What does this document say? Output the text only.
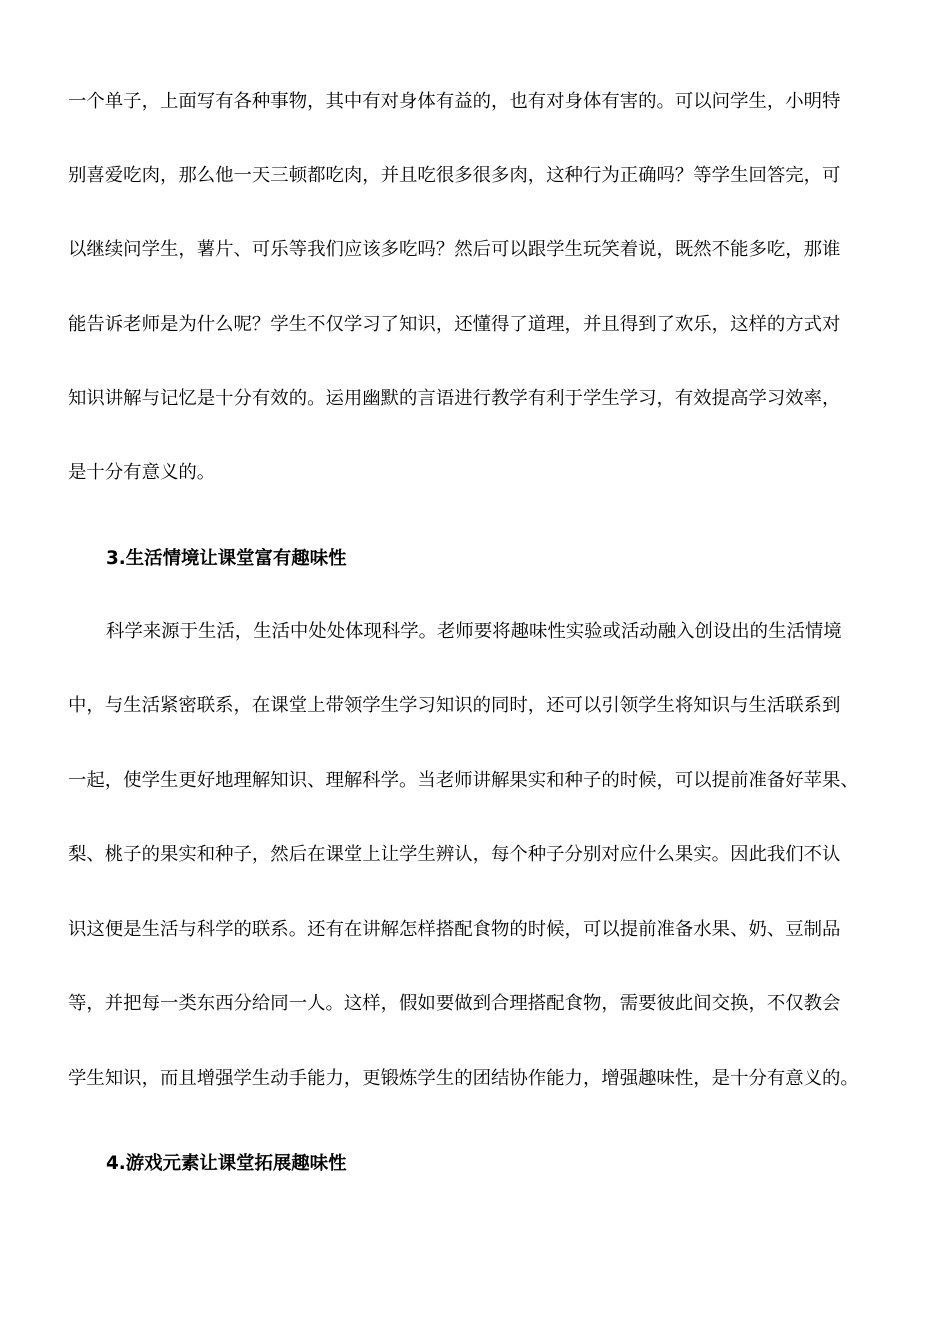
一个单子，上面写有各种事物，其中有对身体有益的，也有对身体有害的。可以问学生，小明特
别喜爱吃肉，那么他一天三顿都吃肉，并且吃很多很多肉，这种行为正确吗？等学生回答完，可
以继续问学生，薯片、可乐等我们应该多吃吗？然后可以跟学生玩笑着说，既然不能多吃，那谁
能告诉老师是为什么呢？学生不仅学习了知识，还懂得了道理，并且得到了欢乐，这样的方式对
知识讲解与记忆是十分有效的。运用幽默的言语进行教学有利于学生学习，有效提高学习效率，
是十分有意义的。
3.生活情境让课堂富有趣味性
科学来源于生活，生活中处处体现科学。老师要将趣味性实验或活动融入创设出的生活情境
中，与生活紧密联系，在课堂上带领学生学习知识的同时，还可以引领学生将知识与生活联系到
一起，使学生更好地理解知识、理解科学。当老师讲解果实和种子的时候，可以提前准备好苹果、
梨、桃子的果实和种子，然后在课堂上让学生辨认，每个种子分别对应什么果实。因此我们不认
识这便是生活与科学的联系。还有在讲解怎样搭配食物的时候，可以提前准备水果、奶、豆制品
等，并把每一类东西分给同一人。这样，假如要做到合理搭配食物，需要彼此间交换，不仅教会
学生知识，而且增强学生动手能力，更锻炼学生的团结协作能力，增强趣味性，是十分有意义的。
4.游戏元素让课堂拓展趣味性
